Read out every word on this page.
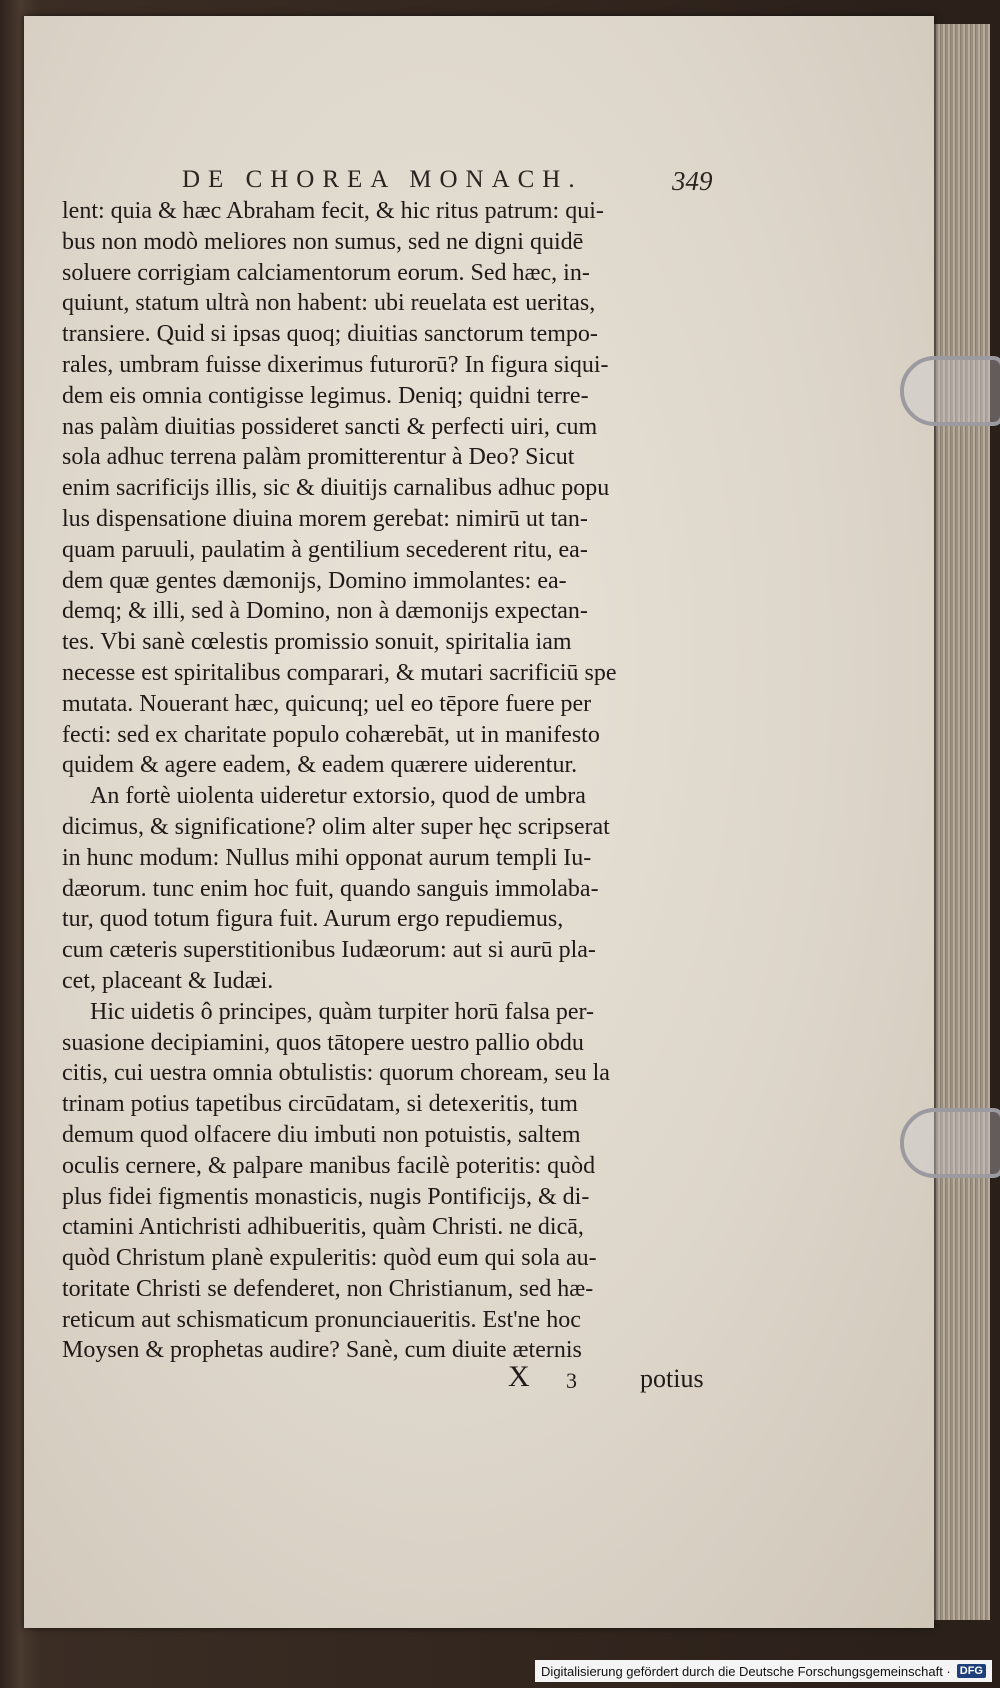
DE CHOREA MONACH.	349
lent: quia & hæc Abraham fecit, & hic ritus patrum: qui-
bus non modò meliores non sumus, sed ne digni quidē
soluere corrigiam calciamentorum eorum. Sed hæc, in-
quiunt, statum ultrà non habent: ubi reuelata est ueritas,
transiere. Quid si ipsas quoq; diuitias sanctorum tempo-
rales, umbram fuisse dixerimus futurorū? In figura siqui-
dem eis omnia contigisse legimus. Deniq; quidni terre-
nas palàm diuitias possideret sancti & perfecti uiri, cum
sola adhuc terrena palàm promitterentur à Deo? Sicut
enim sacrificijs illis, sic & diuitijs carnalibus adhuc popu
lus dispensatione diuina morem gerebat: nimirū ut tan-
quam paruuli, paulatim à gentilium secederent ritu, ea-
dem quæ gentes dæmonijs, Domino immolantes: ea-
demq; & illi, sed à Domino, non à dæmonijs expectan-
tes. Vbi sanè cœlestis promissio sonuit, spiritalia iam
necesse est spiritalibus comparari, & mutari sacrificiū spe
mutata. Nouerant hæc, quicunq; uel eo tēpore fuere per
fecti: sed ex charitate populo cohærebāt, ut in manifesto
quidem & agere eadem, & eadem quærere uiderentur.
An fortè uiolenta uideretur extorsio, quod de umbra
dicimus, & significatione? olim alter super hęc scripserat
in hunc modum: Nullus mihi opponat aurum templi Iu-
dæorum. tunc enim hoc fuit, quando sanguis immolaba-
tur, quod totum figura fuit. Aurum ergo repudiemus,
cum cæteris superstitionibus Iudæorum: aut si aurū pla-
cet, placeant & Iudæi.
Hic uidetis ô principes, quàm turpiter horū falsa per-
suasione decipiamini, quos tātopere uestro pallio obdu
citis, cui uestra omnia obtulistis: quorum choream, seu la
trinam potius tapetibus circūdatam, si detexeritis, tum
demum quod olfacere diu imbuti non potuistis, saltem
oculis cernere, & palpare manibus facilè poteritis: quòd
plus fidei figmentis monasticis, nugis Pontificijs, & di-
ctamini Antichristi adhibueritis, quàm Christi. ne dicā,
quòd Christum planè expuleritis: quòd eum qui sola au-
toritate Christi se defenderet, non Christianum, sed hæ-
reticum aut schismaticum pronunciaueritis. Est'ne hoc
Moysen & prophetas audire? Sanè, cum diuite æternis
X 3 potius
Digitalisierung gefördert durch die Deutsche Forschungsgemeinschaft · DFG
